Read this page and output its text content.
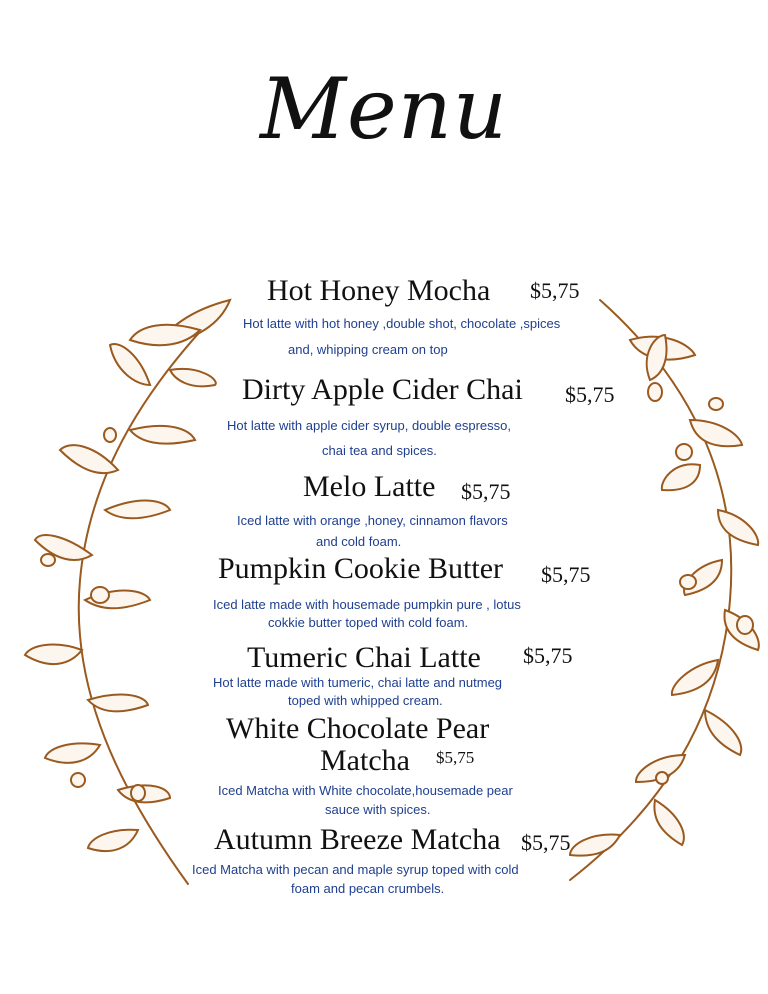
Menu
Hot Honey Mocha $5,75
Hot latte with hot honey ,double shot, chocolate ,spices
and, whipping cream on top
Dirty Apple Cider Chai $5,75
Hot latte with apple cider syrup, double espresso,
chai tea and spices.
Melo Latte $5,75
Iced latte with orange ,honey, cinnamon flavors
and cold foam.
Pumpkin Cookie Butter $5,75
Iced latte made with housemade pumpkin pure , lotus
cokkie butter toped with cold foam.
Tumeric Chai Latte $5,75
Hot latte made with tumeric, chai latte and nutmeg
toped with whipped cream.
White Chocolate Pear
Matcha $5,75
Iced Matcha with White chocolate,housemade pear
sauce with spices.
Autumn Breeze Matcha $5,75
Iced Matcha with pecan and maple syrup toped with cold
foam and pecan crumbels.
